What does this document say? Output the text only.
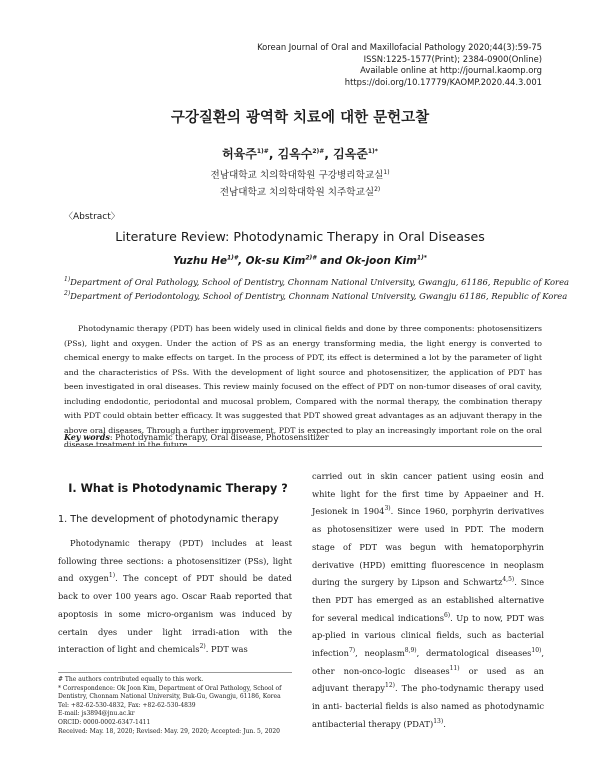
Korean Journal of Oral and Maxillofacial Pathology 2020;44(3):59-75
ISSN:1225-1577(Print); 2384-0900(Online)
Available online at http://journal.kaomp.org
https://doi.org/10.17779/KAOMP.2020.44.3.001
구강질환의 광역학 치료에 대한 문헌고찰
허육주$^{1)\#}$, 김옥수$^{2)\#}$, 김옥준$^{1)*}$
전남대학교 치의학대학원 구강병리학교실$^{1)}$
전남대학교 치의학대학원 치주학교실$^{2)}$
〈Abstract〉
Literature Review: Photodynamic Therapy in Oral Diseases
Yuzhu $He^{1)\#}$, Ok-su Kim$^{2)\#}$ and Ok-joon Kim$^{1)*}$
$^{1)}$Department of Oral Pathology, School of Dentistry, Chonnam National University, Gwangju, 61186, Republic of Korea
$^{2)}$Department of Periodontology, School of Dentistry, Chonnam National University, Gwangju 61186, Republic of Korea
Photodynamic therapy (PDT) has been widely used in clinical fields and done by three components: photosensitizers (PSs), light and oxygen. Under the action of PS as an energy transforming media, the light energy is converted to chemical energy to make effects on target. In the process of PDT, its effect is determined a lot by the parameter of light and the characteristics of PSs. With the development of light source and photosensitizer, the application of PDT has been investigated in oral diseases. This review mainly focused on the effect of PDT on non-tumor diseases of oral cavity, including endodontic, periodontal and mucosal problem, Compared with the normal therapy, the combination therapy with PDT could obtain better efficacy. It was suggested that PDT showed great advantages as an adjuvant therapy in the above oral diseases. Through a further improvement, PDT is expected to play an increasingly important role on the oral disease treatment in the future.
Key words: Photodynamic therapy, Oral disease, Photosensitizer
Ⅰ. What is Photodynamic Therapy ?
1. The development of photodynamic therapy
Photodynamic therapy (PDT) includes at least following three sections: a photosensitizer (PSs), light and oxygen$^{1)}$. The concept of PDT should be dated back to over 100 years ago. Oscar Raab reported that apoptosis in some micro-organism was induced by certain dyes under light irradi-ation with the interaction of light and chemicals$^{2)}$. PDT was
carried out in skin cancer patient using eosin and white light for the first time by Appaeiner and H. Jesionek in 1904$^{3)}$. Since 1960, porphyrin derivatives as photosensitizer were used in PDT. The modern stage of PDT was begun with hematoporphyrin derivative (HPD) emitting fluorescence in neoplasm during the surgery by Lipson and Schwartz$^{4,5)}$. Since then PDT has emerged as an established alternative for several medical indications$^{6)}$. Up to now, PDT was ap-plied in various clinical fields, such as bacterial infection$^{7)}$, neoplasm$^{8,9)}$, dermatological diseases$^{10)}$, other non-onco-logic diseases$^{11)}$ or used as an adjuvant therapy$^{12)}$. The pho-todynamic therapy used in anti- bacterial fields is also named as photodynamic antibacterial therapy (PDAT)$^{13)}$.
# The authors contributed equally to this work.
* Correspondence: Ok Joon Kim, Department of Oral Pathology, School of Dentistry, Chonnam National University, Buk-Gu, Gwangju, 61186, Korea
Tel: +82-62-530-4832, Fax: +82-62-530-4839
E-mail: js3894@jnu.ac.kr
ORCID: 0000-0002-6347-1411
Received: May. 18, 2020; Revised: May. 29, 2020; Accepted: Jun. 5, 2020
